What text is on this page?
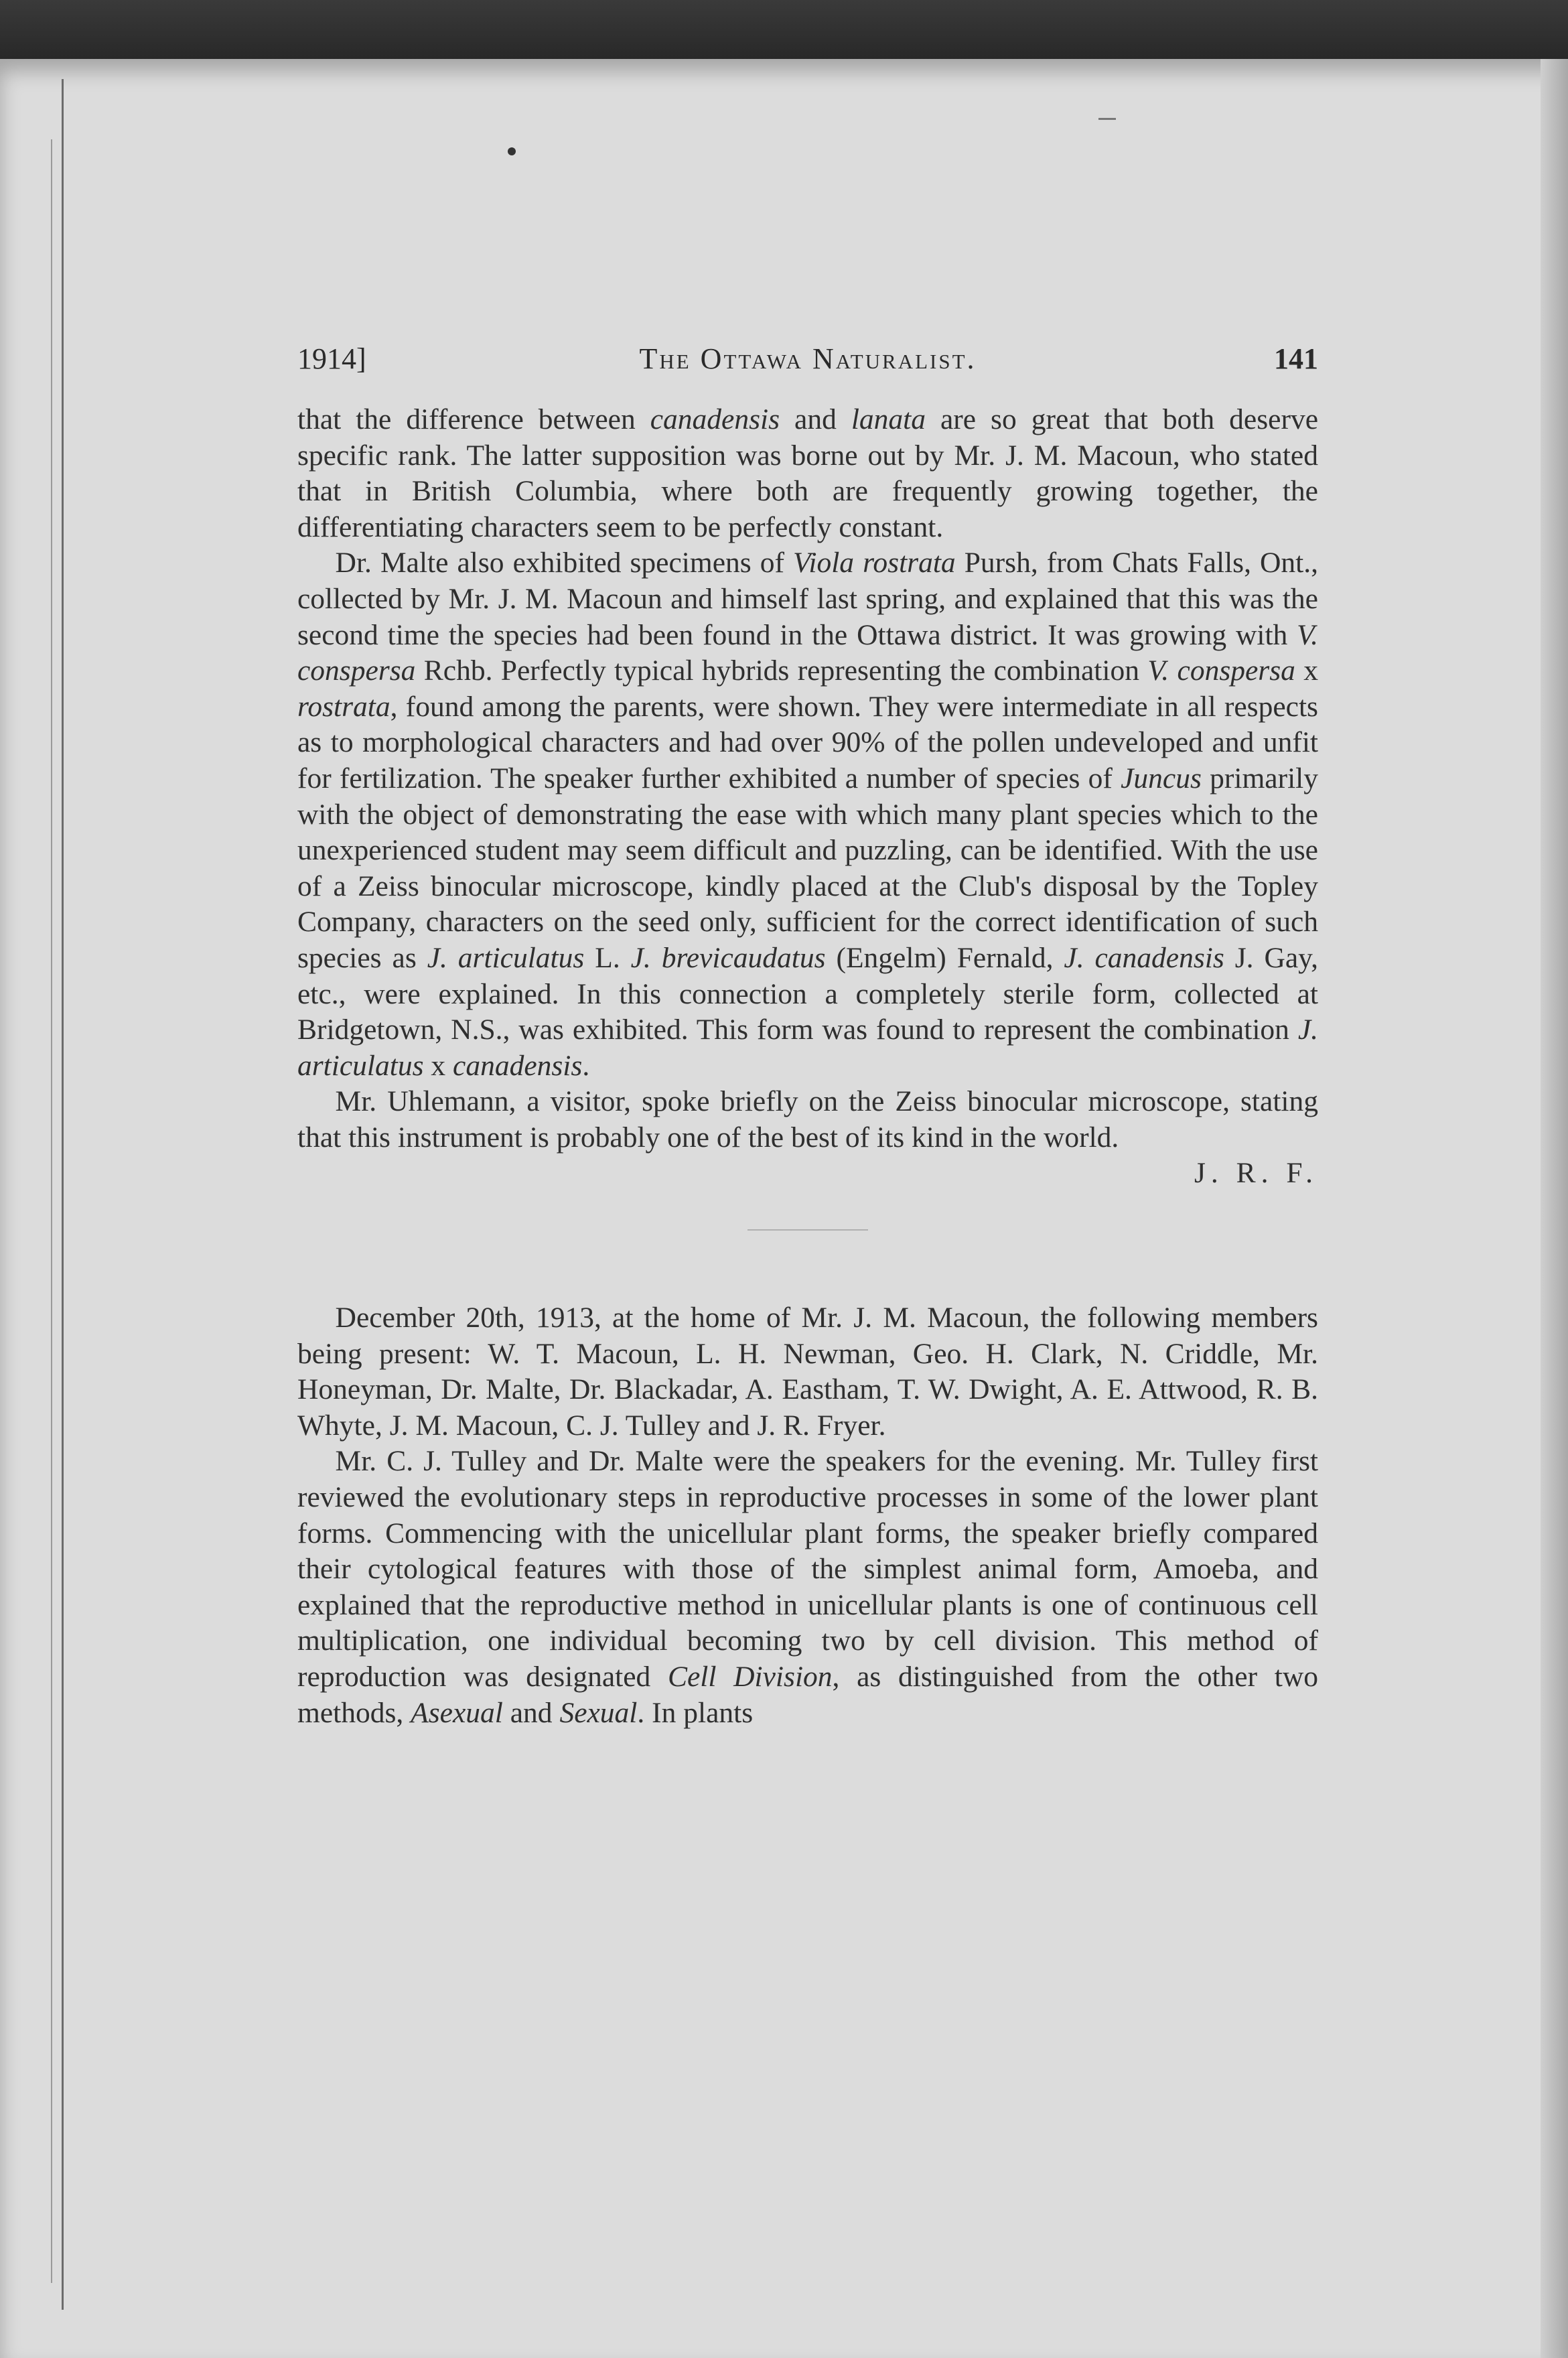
1914]	The Ottawa Naturalist.	141

that the difference between canadensis and lanata are so great that both deserve specific rank. The latter supposition was borne out by Mr. J. M. Macoun, who stated that in British Columbia, where both are frequently growing together, the differentiating characters seem to be perfectly constant.

Dr. Malte also exhibited specimens of Viola rostrata Pursh, from Chats Falls, Ont., collected by Mr. J. M. Macoun and himself last spring, and explained that this was the second time the species had been found in the Ottawa district. It was growing with V. conspersa Rchb. Perfectly typical hybrids representing the combination V. conspersa x rostrata, found among the parents, were shown. They were intermediate in all respects as to morphological characters and had over 90% of the pollen undeveloped and unfit for fertilization. The speaker further exhibited a number of species of Juncus primarily with the object of demonstrating the ease with which many plant species which to the unexperienced student may seem difficult and puzzling, can be identified. With the use of a Zeiss binocular microscope, kindly placed at the Club's disposal by the Topley Company, characters on the seed only, sufficient for the correct identification of such species as J. articulatus L. J. brevicaudatus (Engelm) Fernald, J. canadensis J. Gay, etc., were explained. In this connection a completely sterile form, collected at Bridgetown, N.S., was exhibited. This form was found to represent the combination J. articulatus x canadensis.

Mr. Uhlemann, a visitor, spoke briefly on the Zeiss binocular microscope, stating that this instrument is probably one of the best of its kind in the world.

J. R. F.

December 20th, 1913, at the home of Mr. J. M. Macoun, the following members being present: W. T. Macoun, L. H. Newman, Geo. H. Clark, N. Criddle, Mr. Honeyman, Dr. Malte, Dr. Blackadar, A. Eastham, T. W. Dwight, A. E. Attwood, R. B. Whyte, J. M. Macoun, C. J. Tulley and J. R. Fryer.

Mr. C. J. Tulley and Dr. Malte were the speakers for the evening. Mr. Tulley first reviewed the evolutionary steps in reproductive processes in some of the lower plant forms. Commencing with the unicellular plant forms, the speaker briefly compared their cytological features with those of the simplest animal form, Amoeba, and explained that the reproductive method in unicellular plants is one of continuous cell multiplication, one individual becoming two by cell division. This method of reproduction was designated Cell Division, as distinguished from the other two methods, Asexual and Sexual. In plants
